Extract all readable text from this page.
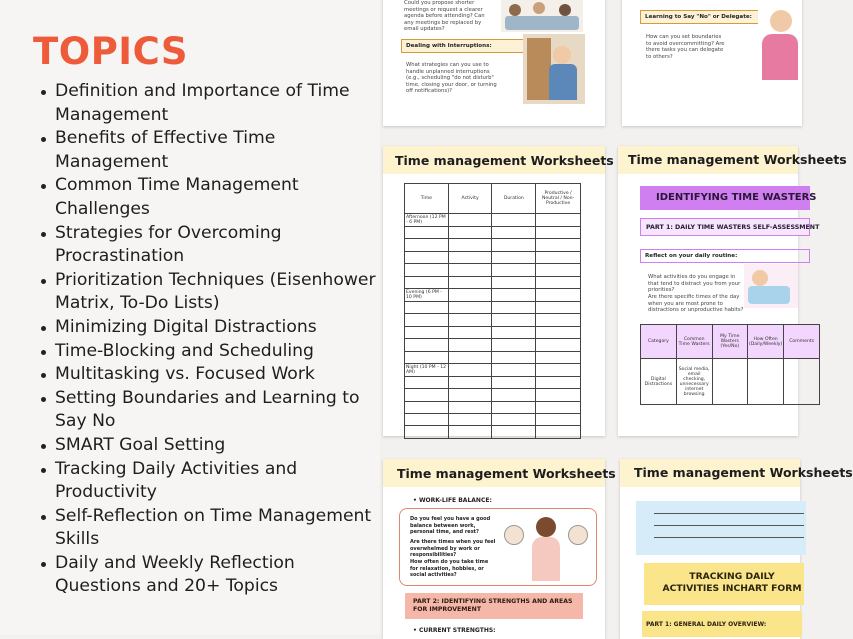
TOPICS
Definition and Importance of Time Management
Benefits of Effective Time Management
Common Time Management Challenges
Strategies for Overcoming Procrastination
Prioritization Techniques (Eisenhower Matrix, To-Do Lists)
Minimizing Digital Distractions
Time-Blocking and Scheduling
Multitasking vs. Focused Work
Setting Boundaries and Learning to Say No
SMART Goal Setting
Tracking Daily Activities and Productivity
Self-Reflection on Time Management Skills
Daily and Weekly Reflection Questions and 20+ Topics
Could you propose shorter meetings or request a clearer agenda before attending? Can any meetings be replaced by email updates?
Dealing with Interruptions:
What strategies can you use to handle unplanned interruptions (e.g., scheduling "do not disturb" time, closing your door, or turning off notifications)?
Learning to Say "No" or Delegate:
How can you set boundaries to avoid overcommitting? Are there tasks you can delegate to others?
Time management Worksheets
Time	Activity	Duration	Productive / Neutral / Non-Productive
Afternoon (12 PM - 6 PM)			

Evening (6 PM - 10 PM)			

Night (10 PM - 12 AM)			

Time management Worksheets
IDENTIFYING TIME WASTERS
PART 1: DAILY TIME WASTERS SELF-ASSESSMENT
Reflect on your daily routine:
What activities do you engage in that tend to distract you from your priorities?
Are there specific times of the day when you are most prone to distractions or unproductive habits?
Category	Common Time Wasters	My Time Wasters (Yes/No)	How Often (Daily/Weekly)	Comments
Digital Distractions	Social media, email checking, unnecessary internet browsing			
Time management Worksheets
• WORK-LIFE BALANCE:
Do you feel you have a good balance between work, personal time, and rest?
Are there times when you feel overwhelmed by work or responsibilities?
How often do you take time for relaxation, hobbies, or social activities?
PART 2: IDENTIFYING STRENGTHS AND AREAS FOR IMPROVEMENT
• CURRENT STRENGTHS:
Time management Worksheets
TRACKING DAILY ACTIVITIES INCHART FORM
PART 1: GENERAL DAILY OVERVIEW:
